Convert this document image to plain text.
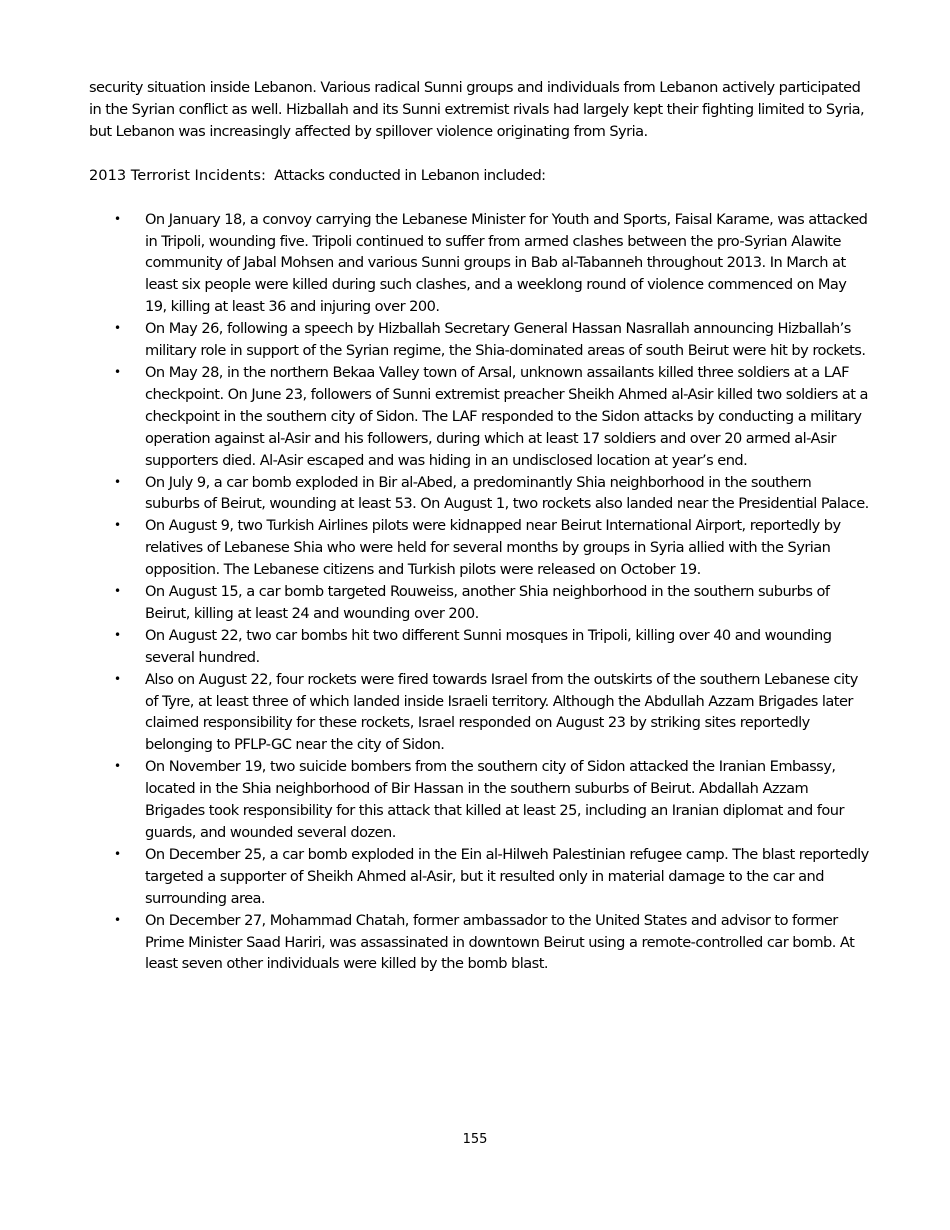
security situation inside Lebanon. Various radical Sunni groups and individuals from Lebanon actively participated in the Syrian conflict as well. Hizballah and its Sunni extremist rivals had largely kept their fighting limited to Syria, but Lebanon was increasingly affected by spillover violence originating from Syria.

2013 Terrorist Incidents: Attacks conducted in Lebanon included:

• On January 18, a convoy carrying the Lebanese Minister for Youth and Sports, Faisal Karame, was attacked in Tripoli, wounding five. Tripoli continued to suffer from armed clashes between the pro-Syrian Alawite community of Jabal Mohsen and various Sunni groups in Bab al-Tabanneh throughout 2013. In March at least six people were killed during such clashes, and a weeklong round of violence commenced on May 19, killing at least 36 and injuring over 200.
• On May 26, following a speech by Hizballah Secretary General Hassan Nasrallah announcing Hizballah’s military role in support of the Syrian regime, the Shia-dominated areas of south Beirut were hit by rockets.
• On May 28, in the northern Bekaa Valley town of Arsal, unknown assailants killed three soldiers at a LAF checkpoint. On June 23, followers of Sunni extremist preacher Sheikh Ahmed al-Asir killed two soldiers at a checkpoint in the southern city of Sidon. The LAF responded to the Sidon attacks by conducting a military operation against al-Asir and his followers, during which at least 17 soldiers and over 20 armed al-Asir supporters died. Al-Asir escaped and was hiding in an undisclosed location at year’s end.
• On July 9, a car bomb exploded in Bir al-Abed, a predominantly Shia neighborhood in the southern suburbs of Beirut, wounding at least 53. On August 1, two rockets also landed near the Presidential Palace.
• On August 9, two Turkish Airlines pilots were kidnapped near Beirut International Airport, reportedly by relatives of Lebanese Shia who were held for several months by groups in Syria allied with the Syrian opposition. The Lebanese citizens and Turkish pilots were released on October 19.
• On August 15, a car bomb targeted Rouweiss, another Shia neighborhood in the southern suburbs of Beirut, killing at least 24 and wounding over 200.
• On August 22, two car bombs hit two different Sunni mosques in Tripoli, killing over 40 and wounding several hundred.
• Also on August 22, four rockets were fired towards Israel from the outskirts of the southern Lebanese city of Tyre, at least three of which landed inside Israeli territory. Although the Abdullah Azzam Brigades later claimed responsibility for these rockets, Israel responded on August 23 by striking sites reportedly belonging to PFLP-GC near the city of Sidon.
• On November 19, two suicide bombers from the southern city of Sidon attacked the Iranian Embassy, located in the Shia neighborhood of Bir Hassan in the southern suburbs of Beirut. Abdallah Azzam Brigades took responsibility for this attack that killed at least 25, including an Iranian diplomat and four guards, and wounded several dozen.
• On December 25, a car bomb exploded in the Ein al-Hilweh Palestinian refugee camp. The blast reportedly targeted a supporter of Sheikh Ahmed al-Asir, but it resulted only in material damage to the car and surrounding area.
• On December 27, Mohammad Chatah, former ambassador to the United States and advisor to former Prime Minister Saad Hariri, was assassinated in downtown Beirut using a remote-controlled car bomb. At least seven other individuals were killed by the bomb blast.
155
